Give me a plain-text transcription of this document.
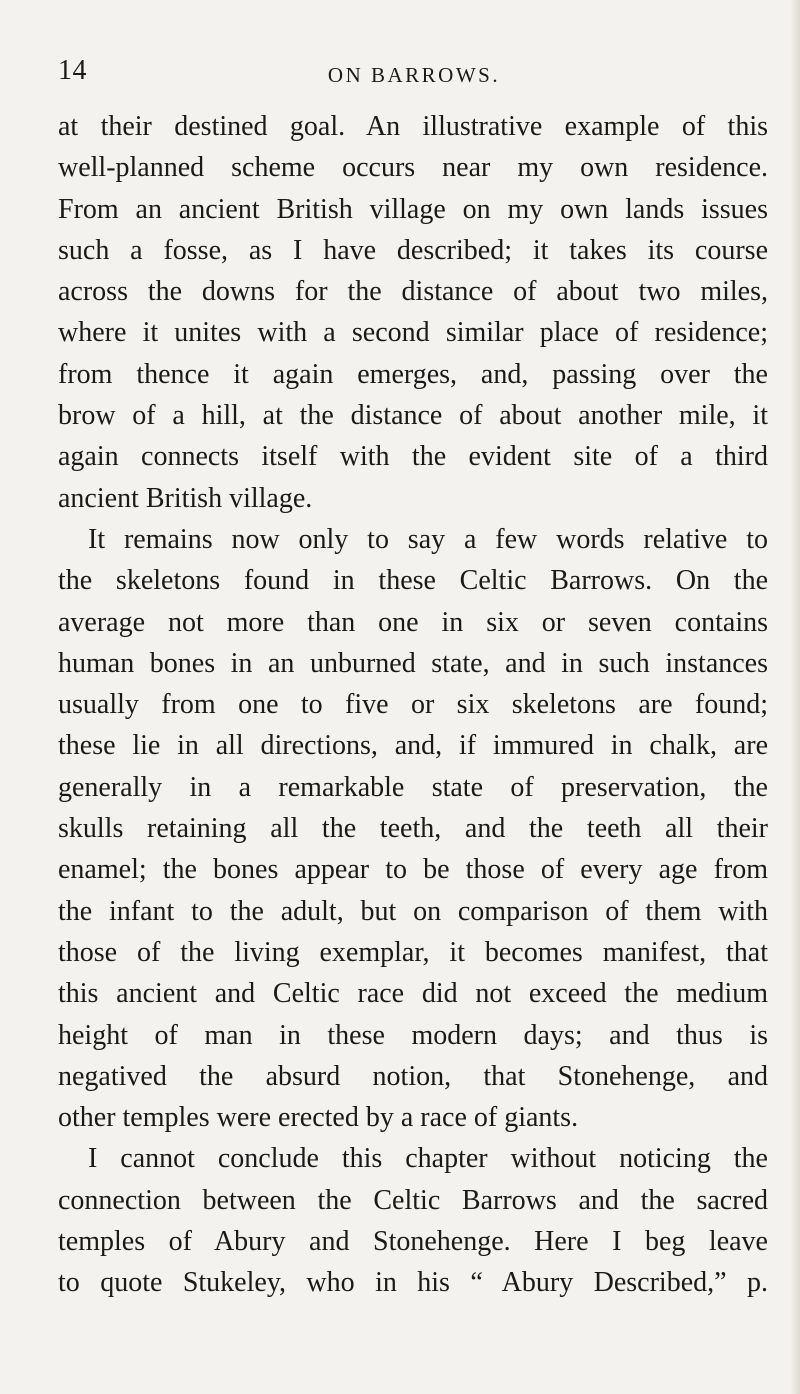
14	ON BARROWS.
at their destined goal. An illustrative example of this
well-planned scheme occurs near my own residence.
From an ancient British village on my own lands issues
such a fosse, as I have described; it takes its course
across the downs for the distance of about two miles,
where it unites with a second similar place of residence;
from thence it again emerges, and, passing over the
brow of a hill, at the distance of about another mile, it
again connects itself with the evident site of a third
ancient British village.
It remains now only to say a few words relative to
the skeletons found in these Celtic Barrows. On the
average not more than one in six or seven contains
human bones in an unburned state, and in such instances
usually from one to five or six skeletons are found;
these lie in all directions, and, if immured in chalk, are
generally in a remarkable state of preservation, the
skulls retaining all the teeth, and the teeth all their
enamel; the bones appear to be those of every age from
the infant to the adult, but on comparison of them with
those of the living exemplar, it becomes manifest, that
this ancient and Celtic race did not exceed the medium
height of man in these modern days; and thus is
negatived the absurd notion, that Stonehenge, and
other temples were erected by a race of giants.
I cannot conclude this chapter without noticing the
connection between the Celtic Barrows and the sacred
temples of Abury and Stonehenge. Here I beg leave
to quote Stukeley, who in his “ Abury Described,” p.
